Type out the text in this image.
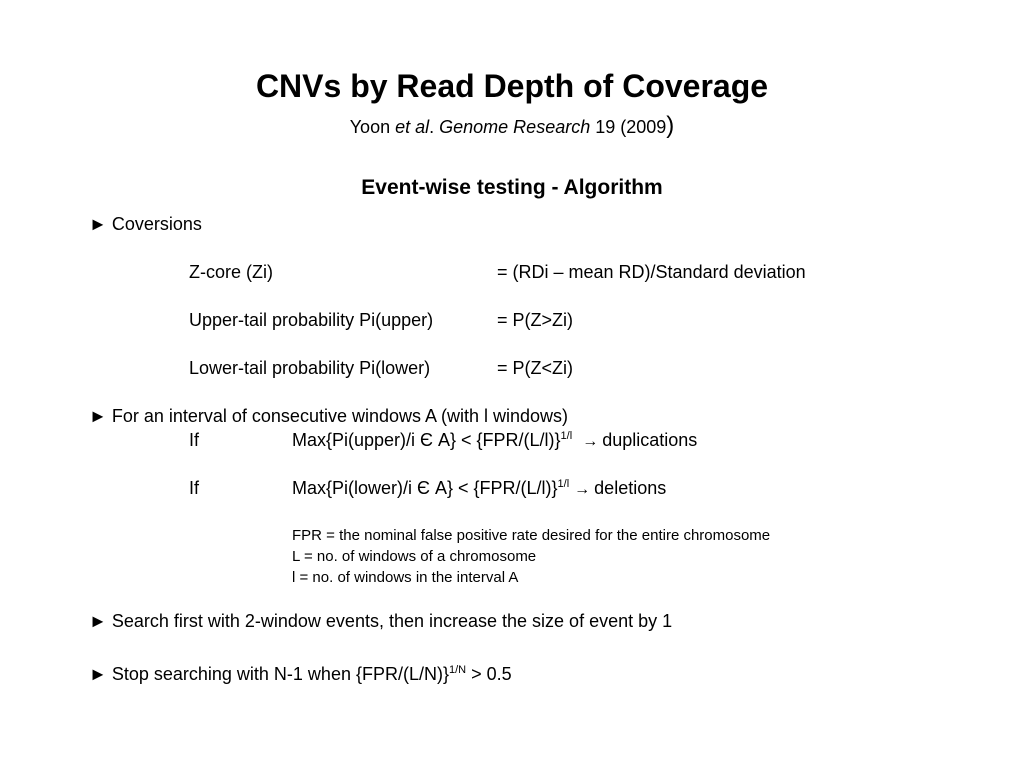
CNVs by Read Depth of Coverage
Yoon et al. Genome Research 19 (2009)
Event-wise testing - Algorithm
► Coversions
Z-core (Zi)	= (RDi – mean RD)/Standard deviation
Upper-tail probability Pi(upper)	= P(Z>Zi)
Lower-tail probability Pi(lower)	= P(Z<Zi)
► For an interval of consecutive windows A (with l windows)
If	Max{Pi(upper)/i Є $A\} < \{FPR/(L/l)\}^{1/l}$ → duplications
If	Max{Pi(lower)/i Є $A\} < \{FPR/(L/l)\}^{1/l}$ → deletions
FPR = the nominal false positive rate desired for the entire chromosome
L = no. of windows of a chromosome
l = no. of windows in the interval A
► Search first with 2-window events, then increase the size of event by 1
► Stop searching with N-1 when $\{FPR/(L/N)\}^{1/N} > 0.5$
